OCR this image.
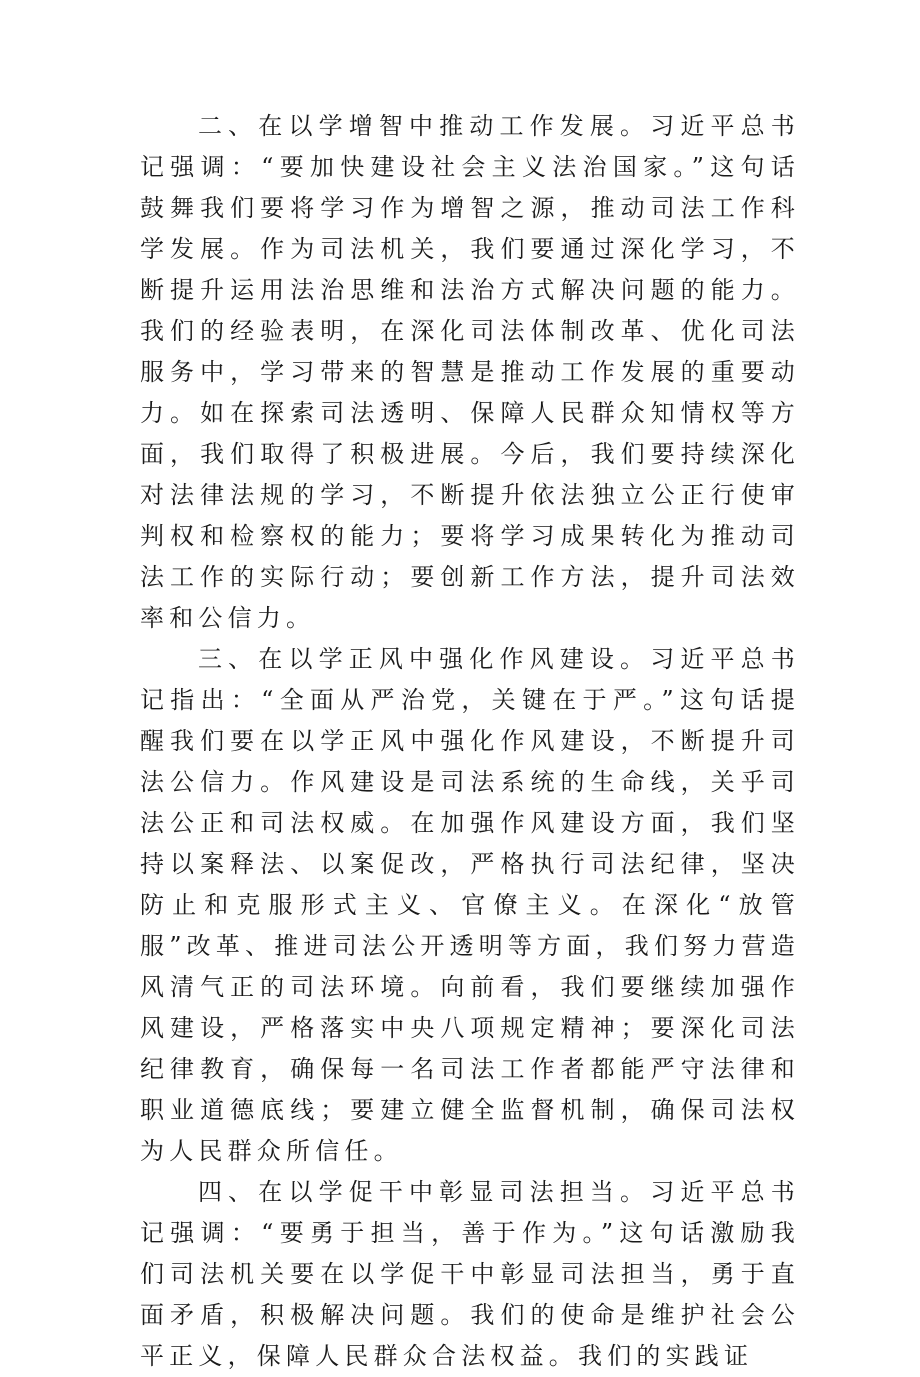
二、在以学增智中推动工作发展。习近平总书记强调：“要加快建设社会主义法治国家。”这句话鼓舞我们要将学习作为增智之源，推动司法工作科学发展。作为司法机关，我们要通过深化学习，不断提升运用法治思维和法治方式解决问题的能力。我们的经验表明，在深化司法体制改革、优化司法服务中，学习带来的智慧是推动工作发展的重要动力。如在探索司法透明、保障人民群众知情权等方面，我们取得了积极进展。今后，我们要持续深化对法律法规的学习，不断提升依法独立公正行使审判权和检察权的能力；要将学习成果转化为推动司法工作的实际行动；要创新工作方法，提升司法效率和公信力。

三、在以学正风中强化作风建设。习近平总书记指出：“全面从严治党，关键在于严。”这句话提醒我们要在以学正风中强化作风建设，不断提升司法公信力。作风建设是司法系统的生命线，关乎司法公正和司法权威。在加强作风建设方面，我们坚持以案释法、以案促改，严格执行司法纪律，坚决防止和克服形式主义、官僚主义。在深化“放管服”改革、推进司法公开透明等方面，我们努力营造风清气正的司法环境。向前看，我们要继续加强作风建设，严格落实中央八项规定精神；要深化司法纪律教育，确保每一名司法工作者都能严守法律和职业道德底线；要建立健全监督机制，确保司法权为人民群众所信任。

四、在以学促干中彰显司法担当。习近平总书记强调：“要勇于担当，善于作为。”这句话激励我们司法机关要在以学促干中彰显司法担当，勇于直面矛盾，积极解决问题。我们的使命是维护社会公平正义，保障人民群众合法权益。我们的实践证
